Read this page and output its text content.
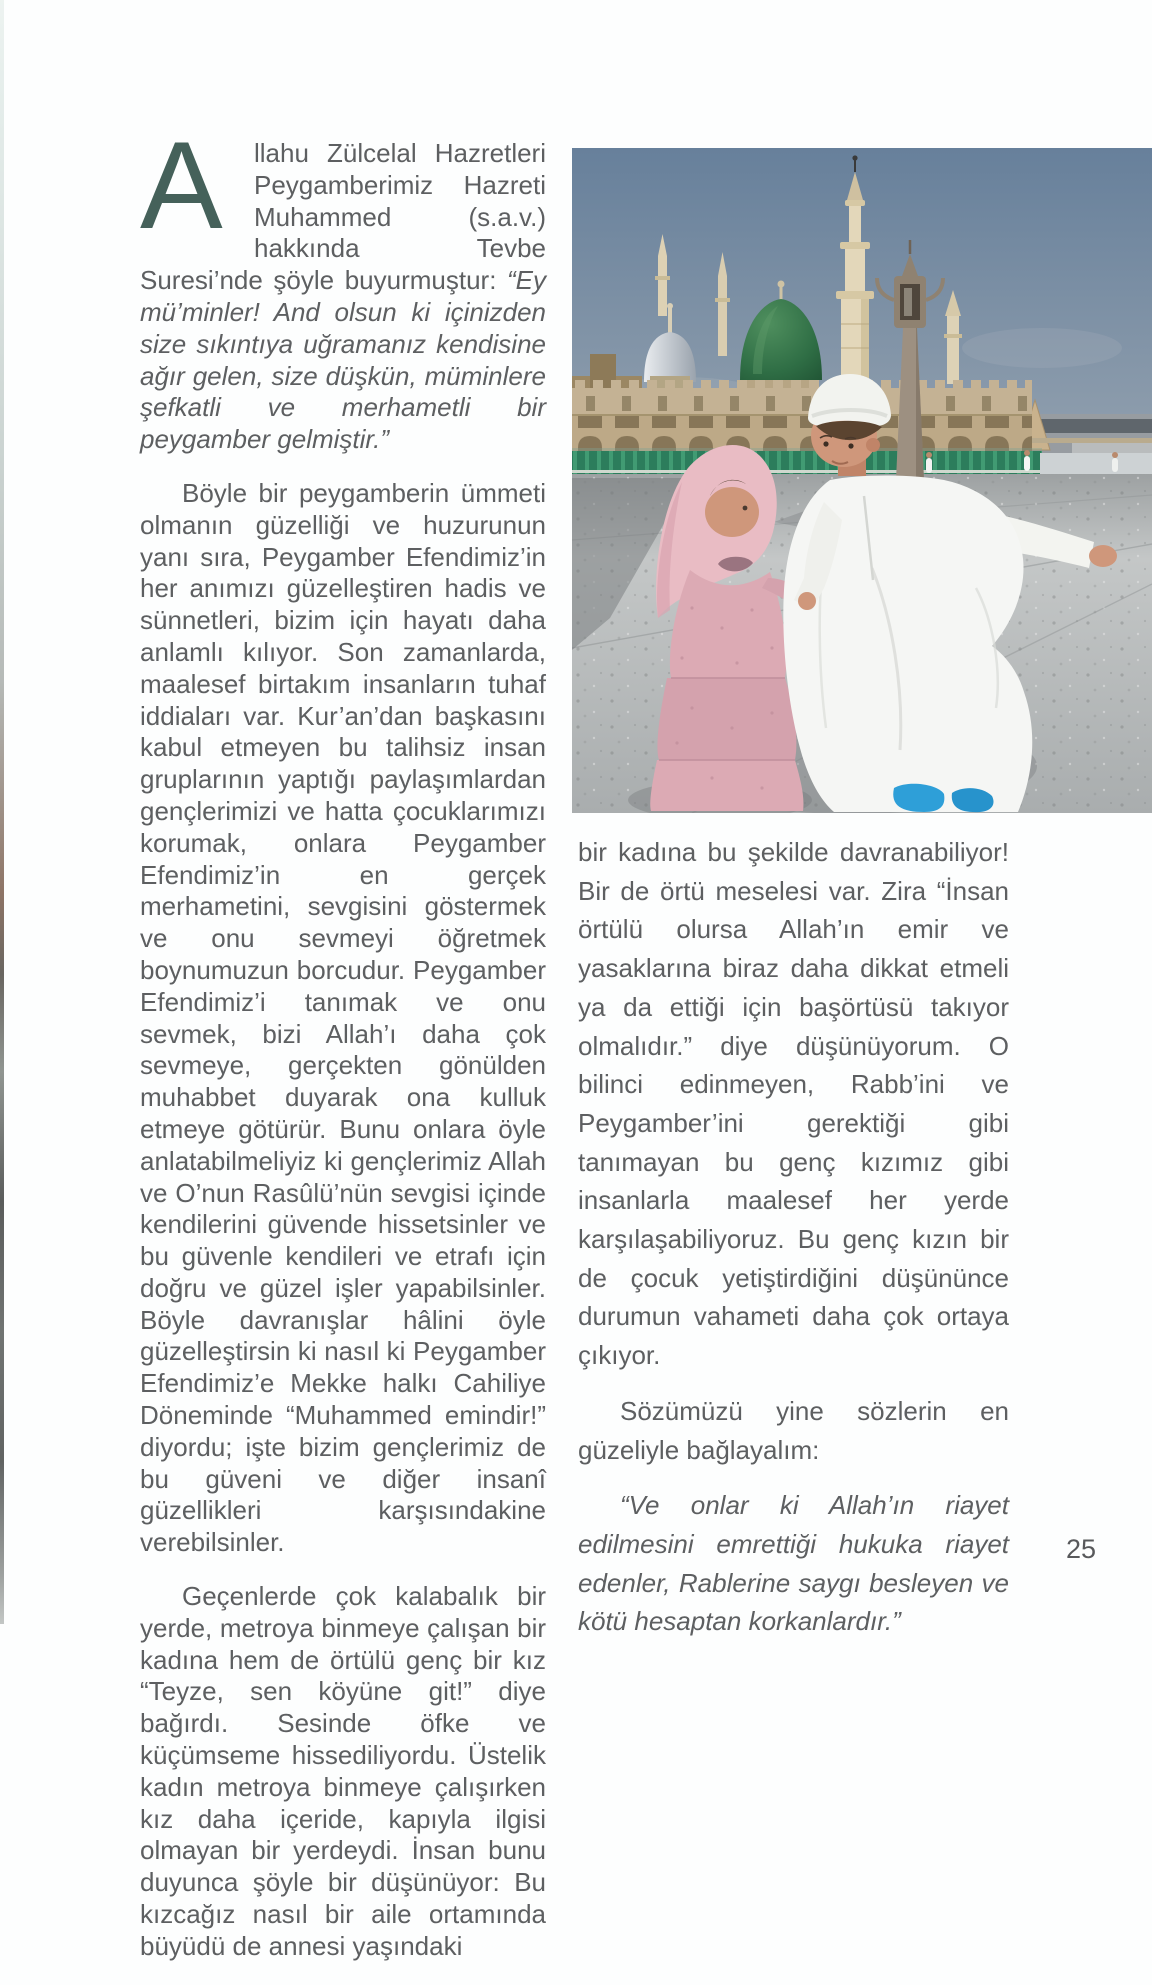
A	llahu Zülcelal Hazretleri Peygamberimiz Hazreti Muhammed (s.a.v.) hakkında Tevbe Suresi’nde şöyle buyurmuştur: “Ey mü’minler! And olsun ki içinizden size sıkıntıya uğramanız kendisine ağır gelen, size düşkün, müminlere şefkatli ve merhametli bir peygamber gelmiştir.”

Böyle bir peygamberin ümmeti olmanın güzelliği ve huzurunun yanı sıra, Peygamber Efendimiz’in her anımızı güzelleştiren hadis ve sünnetleri, bizim için hayatı daha anlamlı kılıyor. Son zamanlarda, maalesef birtakım insanların tuhaf iddiaları var. Kur’an’dan başkasını kabul etmeyen bu talihsiz insan gruplarının yaptığı paylaşımlardan gençlerimizi ve hatta çocuklarımızı korumak, onlara Peygamber Efendimiz’in en gerçek merhametini, sevgisini göstermek ve onu sevmeyi öğretmek boynumuzun borcudur. Peygamber Efendimiz’i tanımak ve onu sevmek, bizi Allah’ı daha çok sevmeye, gerçekten gönülden muhabbet duyarak ona kulluk etmeye götürür. Bunu onlara öyle anlatabilmeliyiz ki gençlerimiz Allah ve O’nun Rasûlü’nün sevgisi içinde kendilerini güvende hissetsinler ve bu güvenle kendileri ve etrafı için doğru ve güzel işler yapabilsinler. Böyle davranışlar hâlini öyle güzelleştirsin ki nasıl ki Peygamber Efendimiz’e Mekke halkı Cahiliye Döneminde “Muhammed emindir!” diyordu; işte bizim gençlerimiz de bu güveni ve diğer insanî güzellikleri karşısındakine verebilsinler.

Geçenlerde çok kalabalık bir yerde, metroya binmeye çalışan bir kadına hem de örtülü genç bir kız “Teyze, sen köyüne git!” diye bağırdı. Sesinde öfke ve küçümseme hissediliyordu. Üstelik kadın metroya binmeye çalışırken kız daha içeride, kapıyla ilgisi olmayan bir yerdeydi. İnsan bunu duyunca şöyle bir düşünüyor: Bu kızcağız nasıl bir aile ortamında büyüdü de annesi yaşındaki

bir kadına bu şekilde davranabiliyor! Bir de örtü meselesi var. Zira “İnsan örtülü olursa Allah’ın emir ve yasaklarına biraz daha dikkat etmeli ya da ettiği için başörtüsü takıyor olmalıdır.” diye düşünüyorum. O bilinci edinmeyen, Rabb’ini ve Peygamber’ini gerektiği gibi tanımayan bu genç kızımız gibi insanlarla maalesef her yerde karşılaşabiliyoruz. Bu genç kızın bir de çocuk yetiştirdiğini düşününce durumun vahameti daha çok ortaya çıkıyor.

Sözümüzü yine sözlerin en güzeliyle bağlayalım:

“Ve onlar ki Allah’ın riayet edilmesini emrettiği hukuka riayet edenler, Rablerine saygı besleyen ve kötü hesaptan korkanlardır.”

25
